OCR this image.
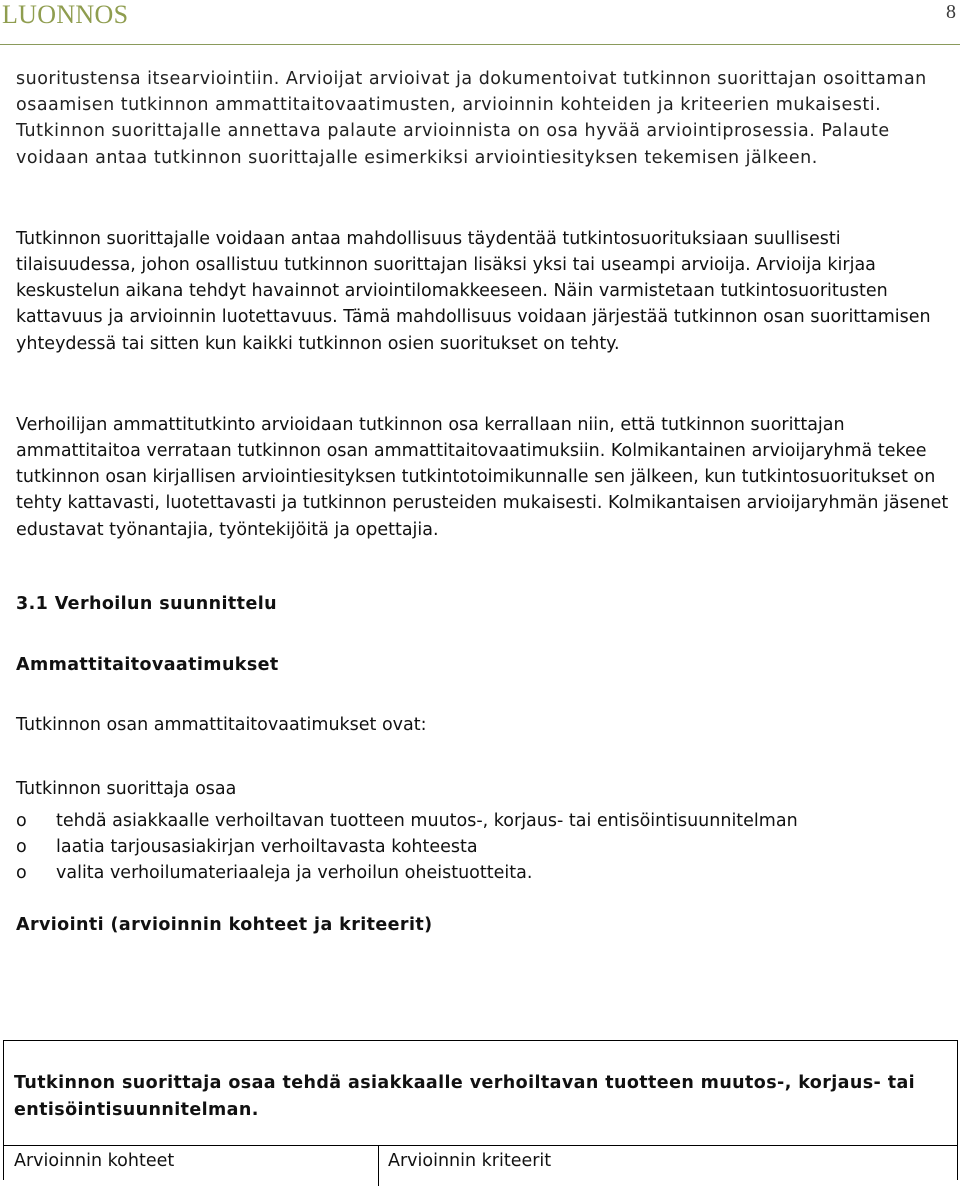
LUONNOS	8

suoritustensa itsearviointiin. Arvioijat arvioivat ja dokumentoivat tutkinnon suorittajan osoittaman osaamisen tutkinnon ammattitaitovaatimusten, arvioinnin kohteiden ja kriteerien mukaisesti. Tutkinnon suorittajalle annettava palaute arvioinnista on osa hyvää arviointiprosessia. Palaute voidaan antaa tutkinnon suorittajalle esimerkiksi arviointiesityksen tekemisen jälkeen.

Tutkinnon suorittajalle voidaan antaa mahdollisuus täydentää tutkintosuorituksiaan suullisesti tilaisuudessa, johon osallistuu tutkinnon suorittajan lisäksi yksi tai useampi arvioija. Arvioija kirjaa keskustelun aikana tehdyt havainnot arviointilomakkeeseen. Näin varmistetaan tutkintosuoritusten kattavuus ja arvioinnin luotettavuus. Tämä mahdollisuus voidaan järjestää tutkinnon osan suorittamisen yhteydessä tai sitten kun kaikki tutkinnon osien suoritukset on tehty.

Verhoilijan ammattitutkinto arvioidaan tutkinnon osa kerrallaan niin, että tutkinnon suorittajan ammattitaitoa verrataan tutkinnon osan ammattitaitovaatimuksiin. Kolmikantainen arvioijaryhmä tekee tutkinnon osan kirjallisen arviointiesityksen tutkintotoimikunnalle sen jälkeen, kun tutkintosuoritukset on tehty kattavasti, luotettavasti ja tutkinnon perusteiden mukaisesti. Kolmikantaisen arvioijaryhmän jäsenet edustavat työnantajia, työntekijöitä ja opettajia.

3.1 Verhoilun suunnittelu
Ammattitaitovaatimukset
Tutkinnon osan ammattitaitovaatimukset ovat:
Tutkinnon suorittaja osaa
o tehdä asiakkaalle verhoiltavan tuotteen muutos-, korjaus- tai entisöintisuunnitelman
o laatia tarjousasiakirjan verhoiltavasta kohteesta
o valita verhoilumateriaaleja ja verhoilun oheistuotteita.
Arviointi (arvioinnin kohteet ja kriteerit)
Tutkinnon suorittaja osaa tehdä asiakkaalle verhoiltavan tuotteen muutos-, korjaus- tai entisöintisuunnitelman.
Arvioinnin kohteet	Arvioinnin kriteerit
